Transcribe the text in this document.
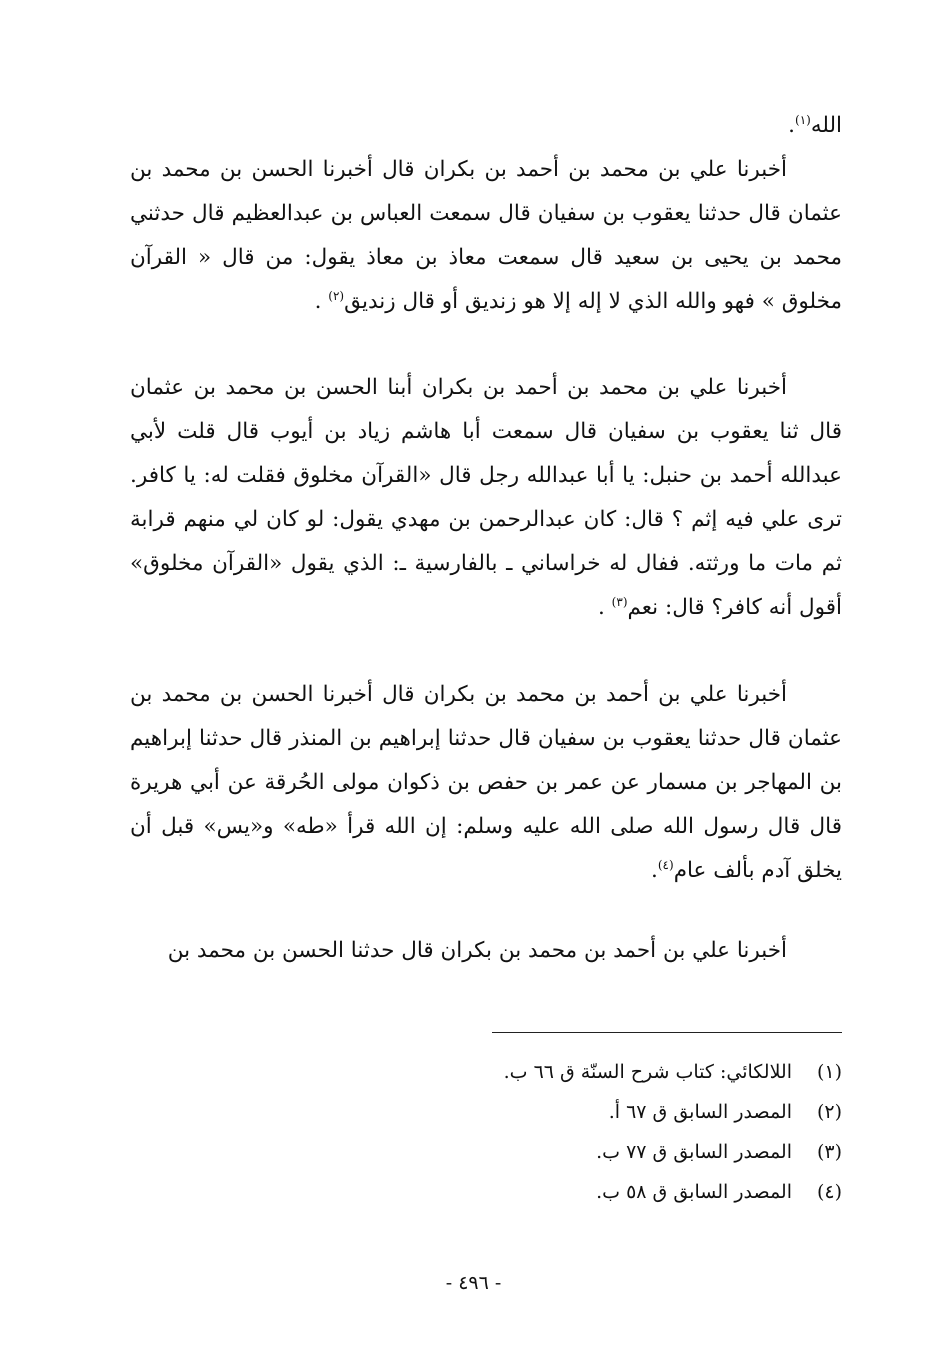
الله$^{(١)}$.

أخبرنا علي بن محمد بن أحمد بن بكران قال أخبرنا الحسن بن محمد بن عثمان قال حدثنا يعقوب بن سفيان قال سمعت العباس بن عبدالعظيم قال حدثني محمد بن يحيى بن سعيد قال سمعت معاذ بن معاذ يقول: من قال « القرآن مخلوق » فهو والله الذي لا إله إلا هو زنديق أو قال زنديق$^{(٢)}$ .

أخبرنا علي بن محمد بن أحمد بن بكران أبنا الحسن بن محمد بن عثمان قال ثنا يعقوب بن سفيان قال سمعت أبا هاشم زياد بن أيوب قال قلت لأبي عبدالله أحمد بن حنبل: يا أبا عبدالله رجل قال «القرآن مخلوق فقلت له: يا كافر. ترى علي فيه إثم ؟ قال: كان عبدالرحمن بن مهدي يقول: لو كان لي منهم قرابة ثم مات ما ورثته. ففال له خراساني ـ بالفارسية ـ: الذي يقول «القرآن مخلوق» أقول أنه كافر؟ قال: نعم$^{(٣)}$ .

أخبرنا علي بن أحمد بن محمد بن بكران قال أخبرنا الحسن بن محمد بن عثمان قال حدثنا يعقوب بن سفيان قال حدثنا إبراهيم بن المنذر قال حدثنا إبراهيم بن المهاجر بن مسمار عن عمر بن حفص بن ذكوان مولى الحُرقة عن أبي هريرة قال قال رسول الله صلى الله عليه وسلم: إن الله قرأ «طه» و«يس» قبل أن يخلق آدم بألف عام$^{(٤)}$.

أخبرنا علي بن أحمد بن محمد بن بكران قال حدثنا الحسن بن محمد بن

(١)
اللالكائي: كتاب شرح السنّة ق ٦٦ ب.
(٢)
المصدر السابق ق ٦٧ أ.
(٣)
المصدر السابق ق ٧٧ ب.
(٤)
المصدر السابق ق ٥٨ ب.
- ٤٩٦ -
